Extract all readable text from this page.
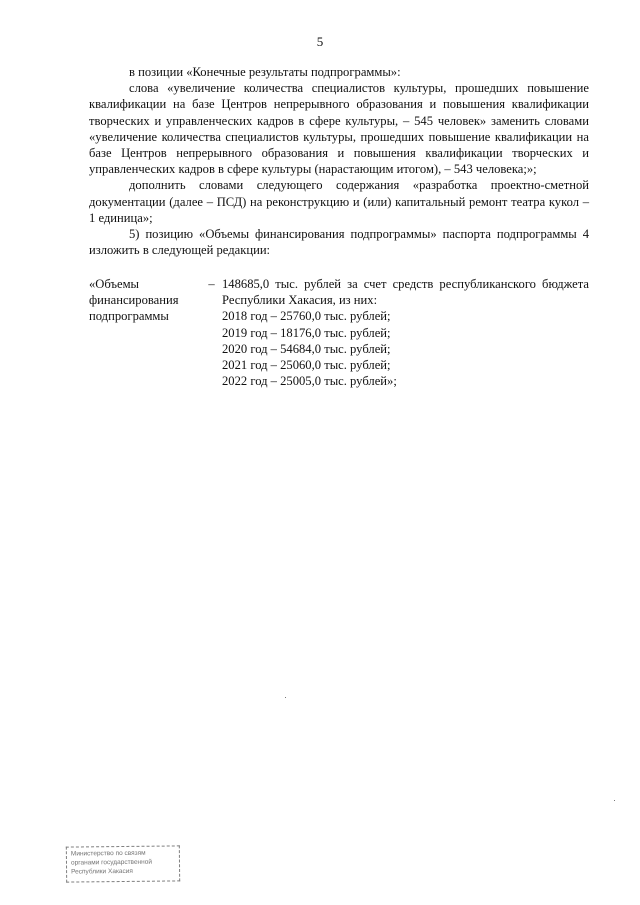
5

в позиции «Конечные результаты подпрограммы»:

слова «увеличение количества специалистов культуры, прошедших повышение квалификации на базе Центров непрерывного образования и повышения квалификации творческих и управленческих кадров в сфере культуры, – 545 человек» заменить словами «увеличение количества специалистов культуры, прошедших повышение квалификации на базе Центров непрерывного образования и повышения квалификации творческих и управленческих кадров в сфере культуры (нарастающим итогом), – 543 человека;»;

дополнить словами следующего содержания «разработка проектно-сметной документации (далее – ПСД) на реконструкцию и (или) капитальный ремонт театра кукол – 1 единица»;

5) позицию «Объемы финансирования подпрограммы» паспорта подпрограммы 4 изложить в следующей редакции:

«Объемы финансирования подпрограммы
– 148685,0 тыс. рублей за счет средств республиканского бюджета Республики Хакасия, из них:
2018 год – 25760,0 тыс. рублей;
2019 год – 18176,0 тыс. рублей;
2020 год – 54684,0 тыс. рублей;
2021 год – 25060,0 тыс. рублей;
2022 год – 25005,0 тыс. рублей»;
Министерство по связям
органами государственной
Республики Хакасия
